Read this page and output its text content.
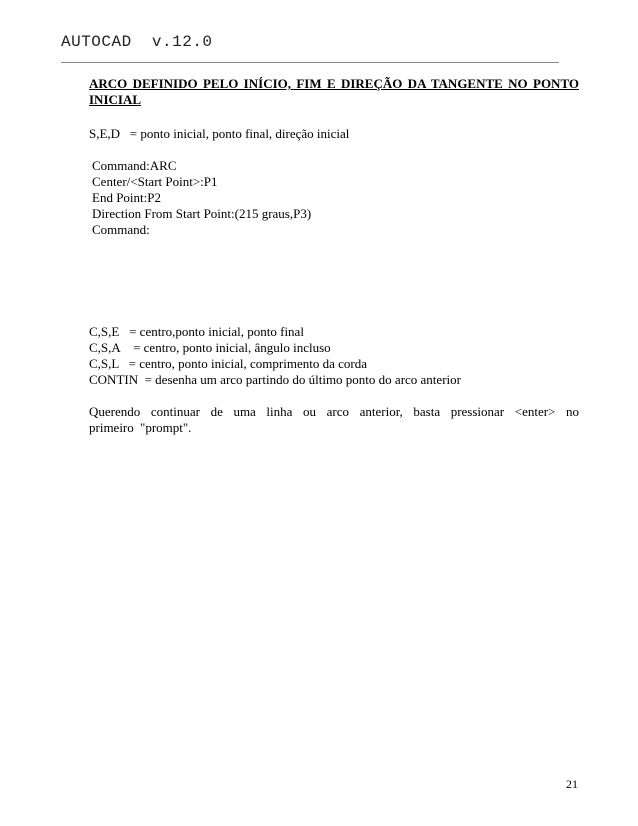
AUTOCAD  v.12.0

ARCO DEFINIDO PELO INÍCIO, FIM E DIREÇÃO DA TANGENTE NO PONTO INICIAL

S,E,D   = ponto inicial, ponto final, direção inicial

Command:ARC

Center/<Start Point>:P1

End Point:P2

Direction From Start Point:(215 graus,P3)

Command:

C,S,E   = centro,ponto inicial, ponto final

C,S,A    = centro, ponto inicial, ângulo incluso

C,S,L   = centro, ponto inicial, comprimento da corda

CONTIN  = desenha um arco partindo do último ponto do arco anterior

Querendo continuar de uma linha ou arco anterior, basta pressionar <enter> no primeiro "prompt".

21
